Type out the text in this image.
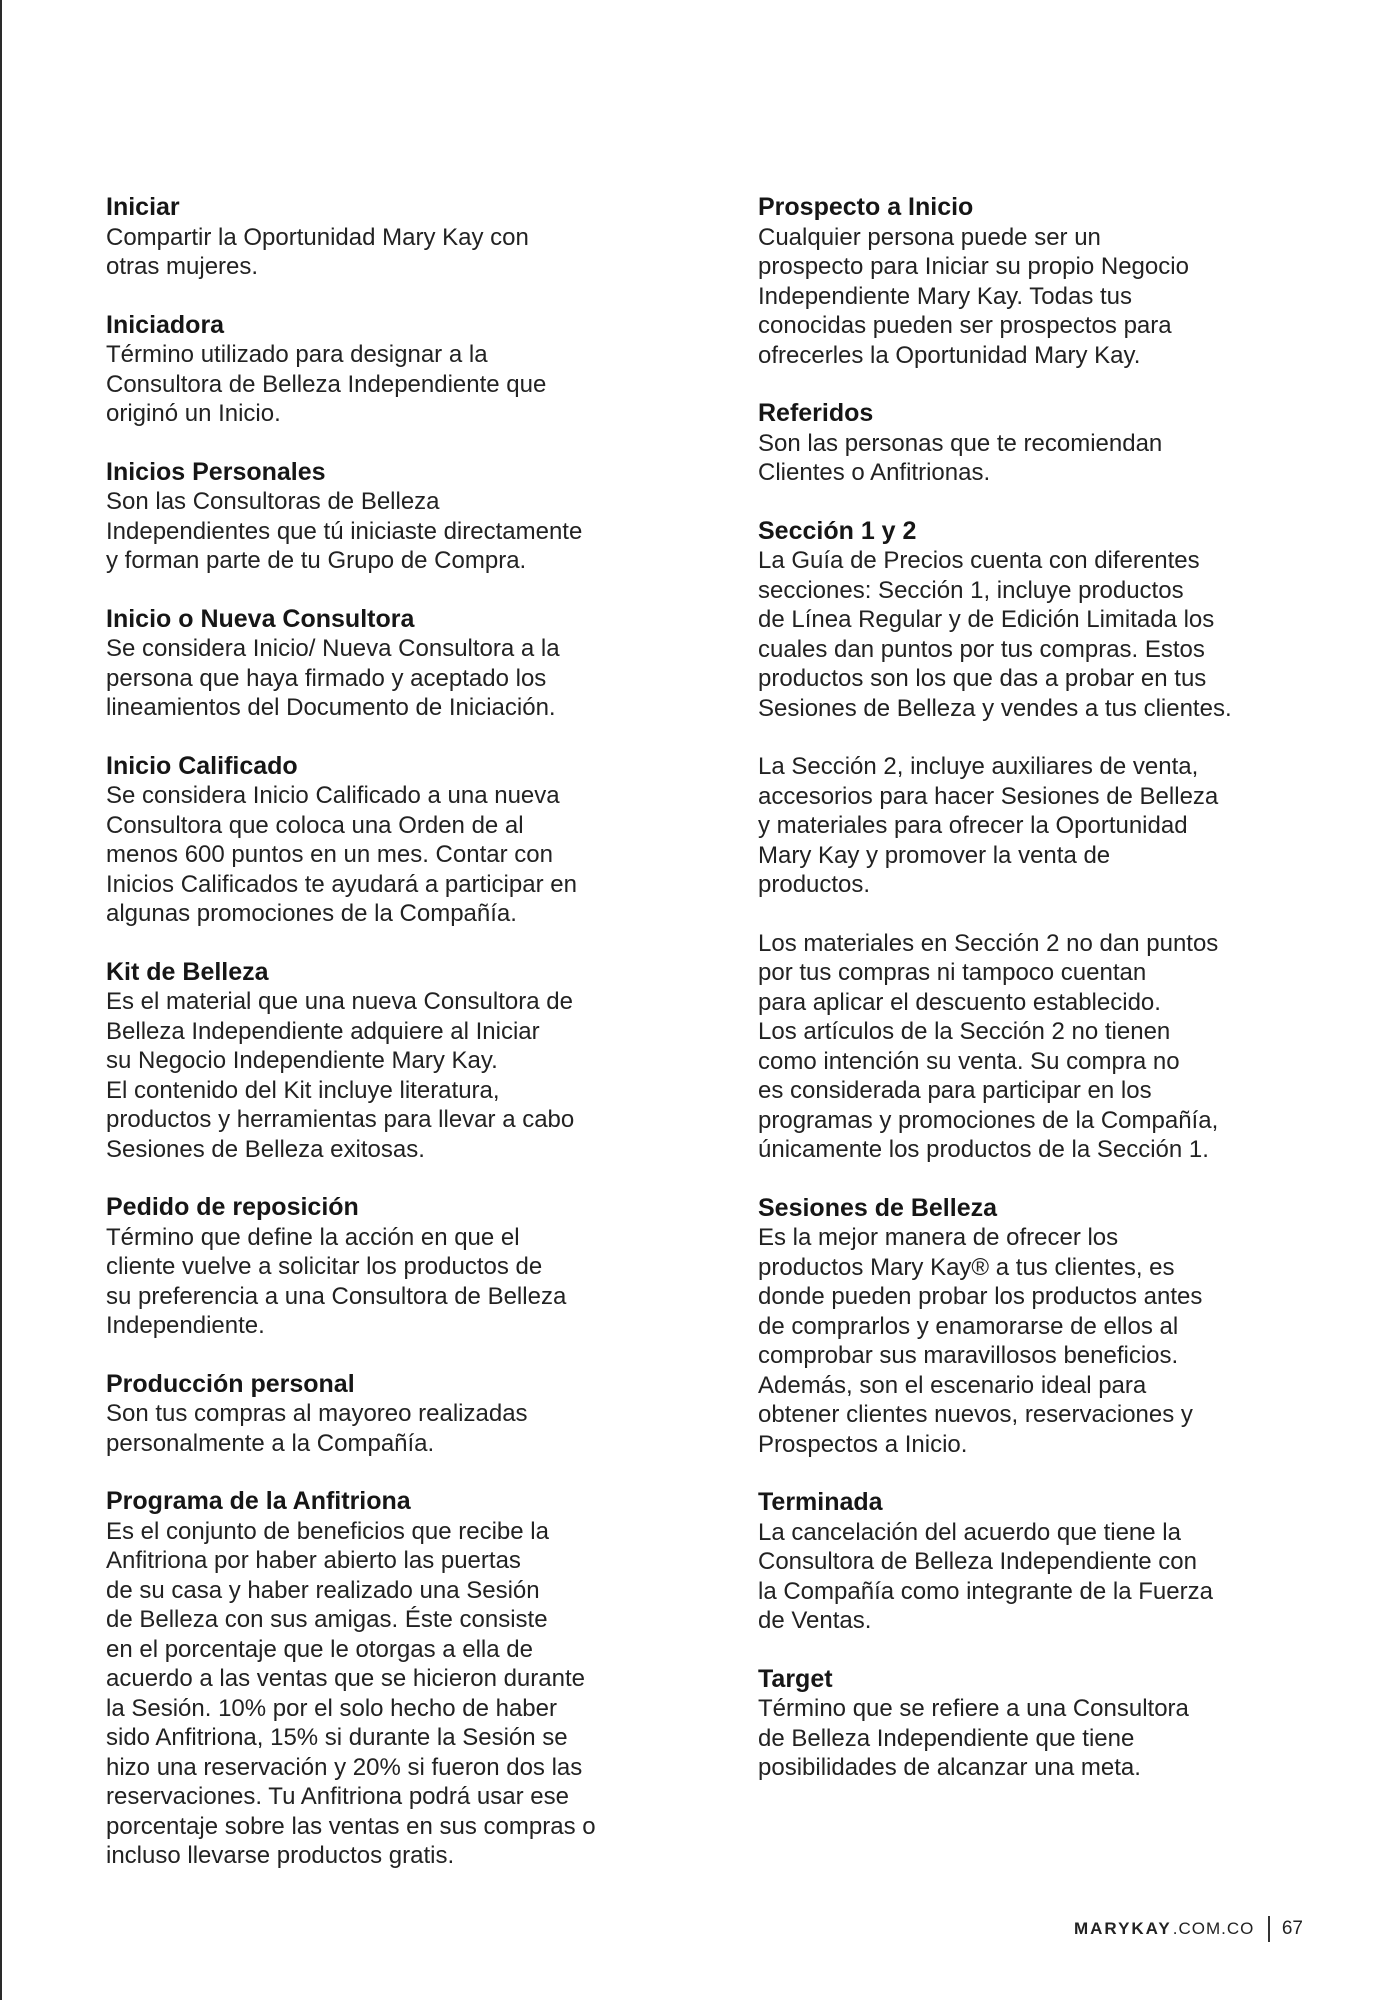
Iniciar

Compartir la Oportunidad Mary Kay con
otras mujeres.

Iniciadora

Término utilizado para designar a la
Consultora de Belleza Independiente que
originó un Inicio.

Inicios Personales

Son las Consultoras de Belleza
Independientes que tú iniciaste directamente
y forman parte de tu Grupo de Compra.

Inicio o Nueva Consultora

Se considera Inicio/ Nueva Consultora a la
persona que haya firmado y aceptado los
lineamientos del Documento de Iniciación.

Inicio Calificado

Se considera Inicio Calificado a una nueva
Consultora que coloca una Orden de al
menos 600 puntos en un mes. Contar con
Inicios Calificados te ayudará a participar en
algunas promociones de la Compañía.

Kit de Belleza

Es el material que una nueva Consultora de
Belleza Independiente adquiere al Iniciar
su Negocio Independiente Mary Kay.
El contenido del Kit incluye literatura,
productos y herramientas para llevar a cabo
Sesiones de Belleza exitosas.

Pedido de reposición

Término que define la acción en que el
cliente vuelve a solicitar los productos de
su preferencia a una Consultora de Belleza
Independiente.

Producción personal

Son tus compras al mayoreo realizadas
personalmente a la Compañía.

Programa de la Anfitriona

Es el conjunto de beneficios que recibe la
Anfitriona por haber abierto las puertas
de su casa y haber realizado una Sesión
de Belleza con sus amigas. Éste consiste
en el porcentaje que le otorgas a ella de
acuerdo a las ventas que se hicieron durante
la Sesión. 10% por el solo hecho de haber
sido Anfitriona, 15% si durante la Sesión se
hizo una reservación y 20% si fueron dos las
reservaciones. Tu Anfitriona podrá usar ese
porcentaje sobre las ventas en sus compras o
incluso llevarse productos gratis.

Prospecto a Inicio

Cualquier persona puede ser un
prospecto para Iniciar su propio Negocio
Independiente Mary Kay. Todas tus
conocidas pueden ser prospectos para
ofrecerles la Oportunidad Mary Kay.

Referidos

Son las personas que te recomiendan
Clientes o Anfitrionas.

Sección 1 y 2

La Guía de Precios cuenta con diferentes
secciones: Sección 1, incluye productos
de Línea Regular y de Edición Limitada los
cuales dan puntos por tus compras. Estos
productos son los que das a probar en tus
Sesiones de Belleza y vendes a tus clientes.

La Sección 2, incluye auxiliares de venta,
accesorios para hacer Sesiones de Belleza
y materiales para ofrecer la Oportunidad
Mary Kay y promover la venta de
productos.

Los materiales en Sección 2 no dan puntos
por tus compras ni tampoco cuentan
para aplicar el descuento establecido.
Los artículos de la Sección 2 no tienen
como intención su venta. Su compra no
es considerada para participar en los
programas y promociones de la Compañía,
únicamente los productos de la Sección 1.

Sesiones de Belleza

Es la mejor manera de ofrecer los
productos Mary Kay® a tus clientes, es
donde pueden probar los productos antes
de comprarlos y enamorarse de ellos al
comprobar sus maravillosos beneficios.
Además, son el escenario ideal para
obtener clientes nuevos, reservaciones y
Prospectos a Inicio.

Terminada

La cancelación del acuerdo que tiene la
Consultora de Belleza Independiente con
la Compañía como integrante de la Fuerza
de Ventas.

Target

Término que se refiere a una Consultora
de Belleza Independiente que tiene
posibilidades de alcanzar una meta.

MARYKAY .COM.CO 67
